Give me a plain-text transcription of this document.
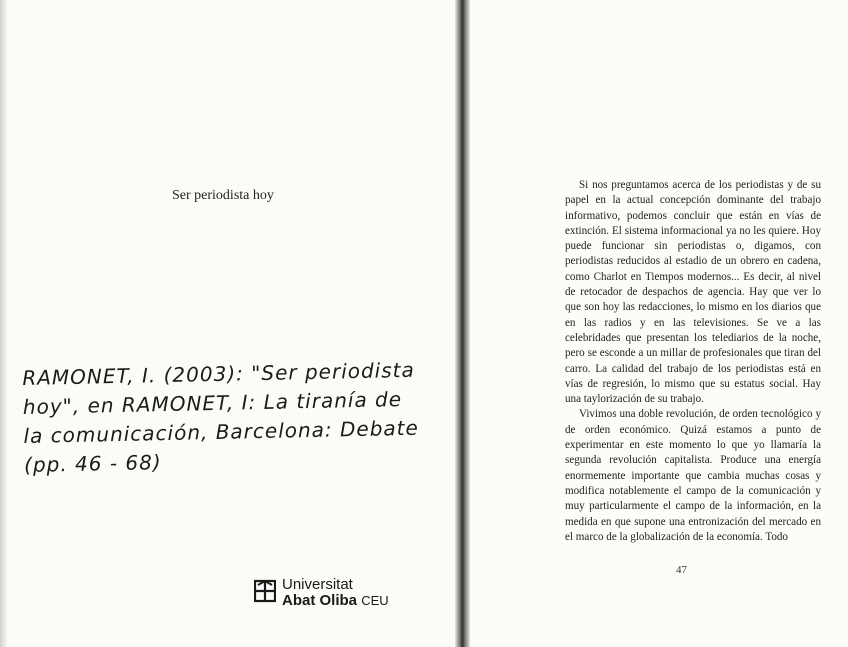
Ser periodista hoy
RAMONET, I. (2003): "Ser periodista
hoy", en RAMONET, I: La tiranía de
la comunicación, Barcelona: Debate
(pp. 46 - 68)
Universitat
Abat Oliba CEU

Si nos preguntamos acerca de los periodistas y de su papel en la actual concepción dominante del trabajo informativo, podemos concluir que están en vías de extinción. El sistema informacional ya no les quiere. Hoy puede funcionar sin periodistas o, digamos, con periodistas reducidos al estadio de un obrero en cadena, como Charlot en Tiempos modernos... Es decir, al nivel de retocador de despachos de agencia. Hay que ver lo que son hoy las redacciones, lo mismo en los diarios que en las radios y en las televisiones. Se ve a las celebridades que presentan los telediarios de la noche, pero se esconde a un millar de profesionales que tiran del carro. La calidad del trabajo de los periodistas está en vías de regresión, lo mismo que su estatus social. Hay una taylorización de su trabajo.

Vivimos una doble revolución, de orden tecnológico y de orden económico. Quizá estamos a punto de experimentar en este momento lo que yo llamaría la segunda revolución capitalista. Produce una energía enormemente importante que cambia muchas cosas y modifica notablemente el campo de la comunicación y muy particularmente el campo de la información, en la medida en que supone una entronización del mercado en el marco de la globalización de la economía. Todo

47
